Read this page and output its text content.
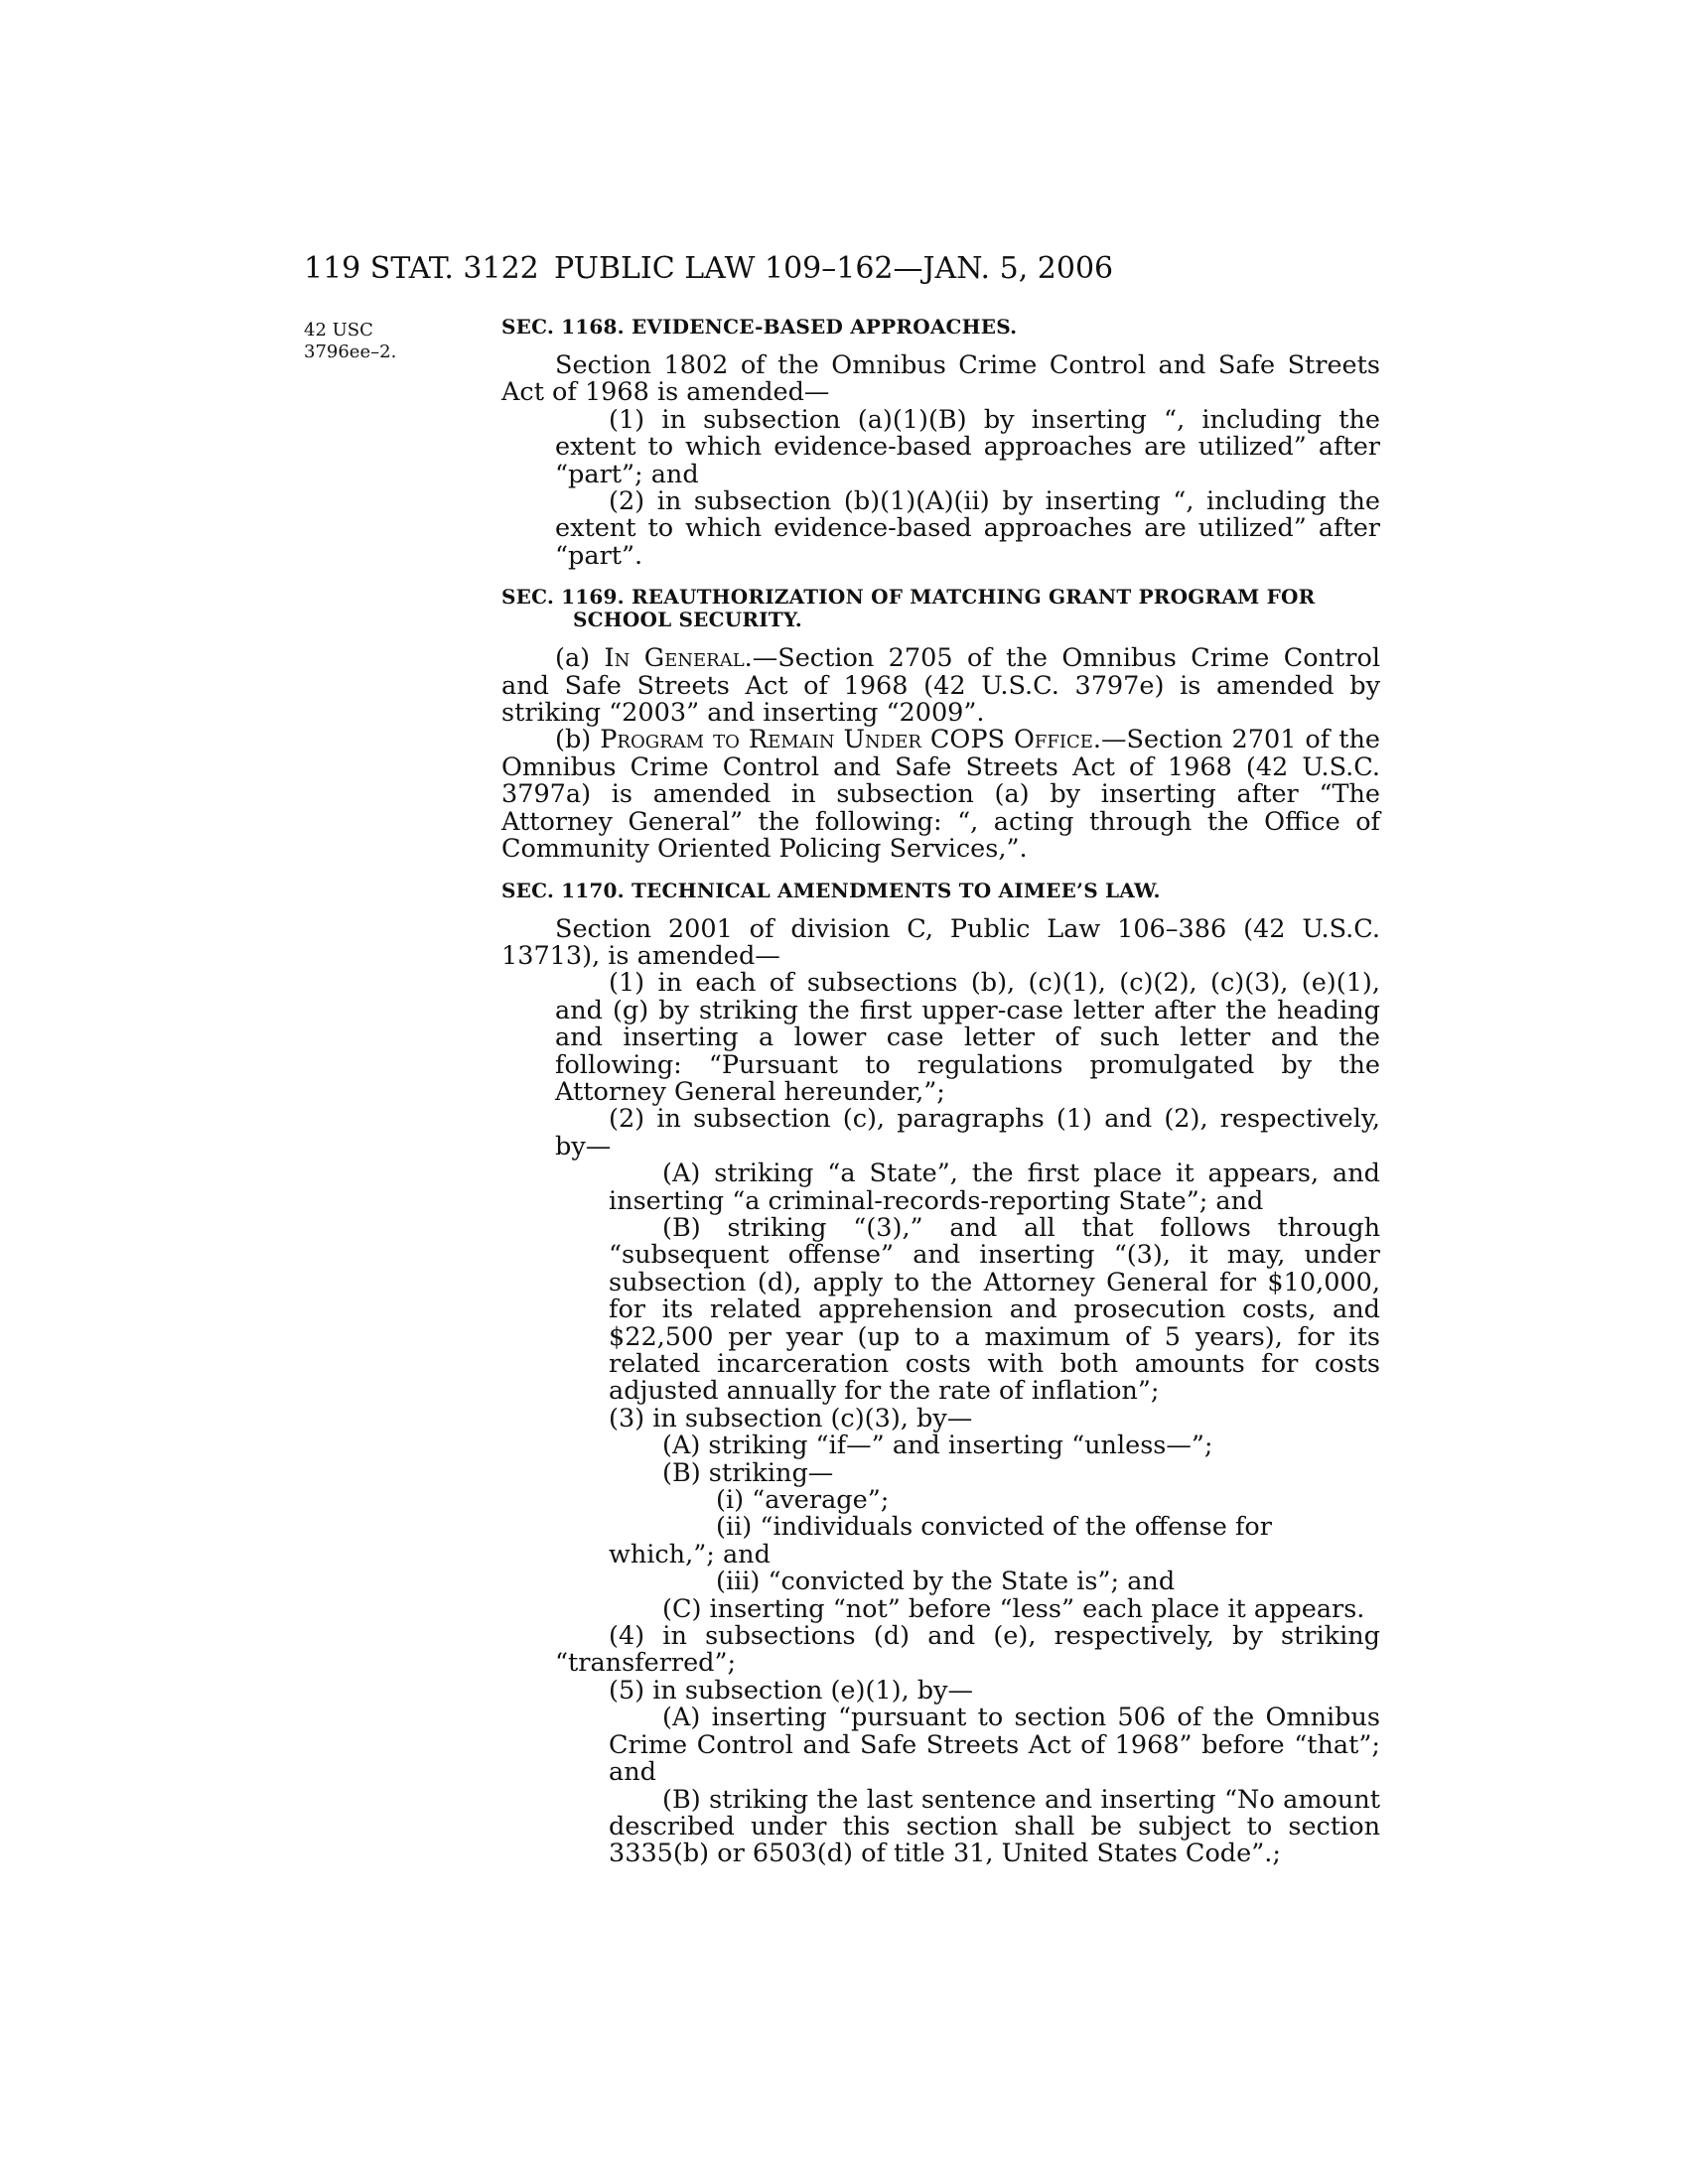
119 STAT. 3122 PUBLIC LAW 109–162—JAN. 5, 2006
42 USC
3796ee–2.

SEC. 1168. EVIDENCE-BASED APPROACHES.

Section 1802 of the Omnibus Crime Control and Safe Streets Act of 1968 is amended—

(1) in subsection (a)(1)(B) by inserting “, including the extent to which evidence-based approaches are utilized” after “part”; and

(2) in subsection (b)(1)(A)(ii) by inserting “, including the extent to which evidence-based approaches are utilized” after “part”.

SEC. 1169. REAUTHORIZATION OF MATCHING GRANT PROGRAM FOR SCHOOL SECURITY.

(a) In General.—Section 2705 of the Omnibus Crime Control and Safe Streets Act of 1968 (42 U.S.C. 3797e) is amended by striking “2003” and inserting “2009”.

(b) Program to Remain Under COPS Office.—Section 2701 of the Omnibus Crime Control and Safe Streets Act of 1968 (42 U.S.C. 3797a) is amended in subsection (a) by inserting after “The Attorney General” the following: “, acting through the Office of Community Oriented Policing Services,”.

SEC. 1170. TECHNICAL AMENDMENTS TO AIMEE’S LAW.

Section 2001 of division C, Public Law 106–386 (42 U.S.C. 13713), is amended—

(1) in each of subsections (b), (c)(1), (c)(2), (c)(3), (e)(1), and (g) by striking the first upper-case letter after the heading and inserting a lower case letter of such letter and the following: “Pursuant to regulations promulgated by the Attorney General hereunder,”;

(2) in subsection (c), paragraphs (1) and (2), respectively, by—

(A) striking “a State”, the first place it appears, and inserting “a criminal-records-reporting State”; and

(B) striking “(3),” and all that follows through “subsequent offense” and inserting “(3), it may, under subsection (d), apply to the Attorney General for $10,000, for its related apprehension and prosecution costs, and $22,500 per year (up to a maximum of 5 years), for its related incarceration costs with both amounts for costs adjusted annually for the rate of inflation”;

(3) in subsection (c)(3), by—

(A) striking “if—” and inserting “unless—”;

(B) striking—

(i) “average”;

(ii) “individuals convicted of the offense for which,”; and

(iii) “convicted by the State is”; and

(C) inserting “not” before “less” each place it appears.

(4) in subsections (d) and (e), respectively, by striking “transferred”;

(5) in subsection (e)(1), by—

(A) inserting “pursuant to section 506 of the Omnibus Crime Control and Safe Streets Act of 1968” before “that”; and

(B) striking the last sentence and inserting “No amount described under this section shall be subject to section 3335(b) or 6503(d) of title 31, United States Code”.;
